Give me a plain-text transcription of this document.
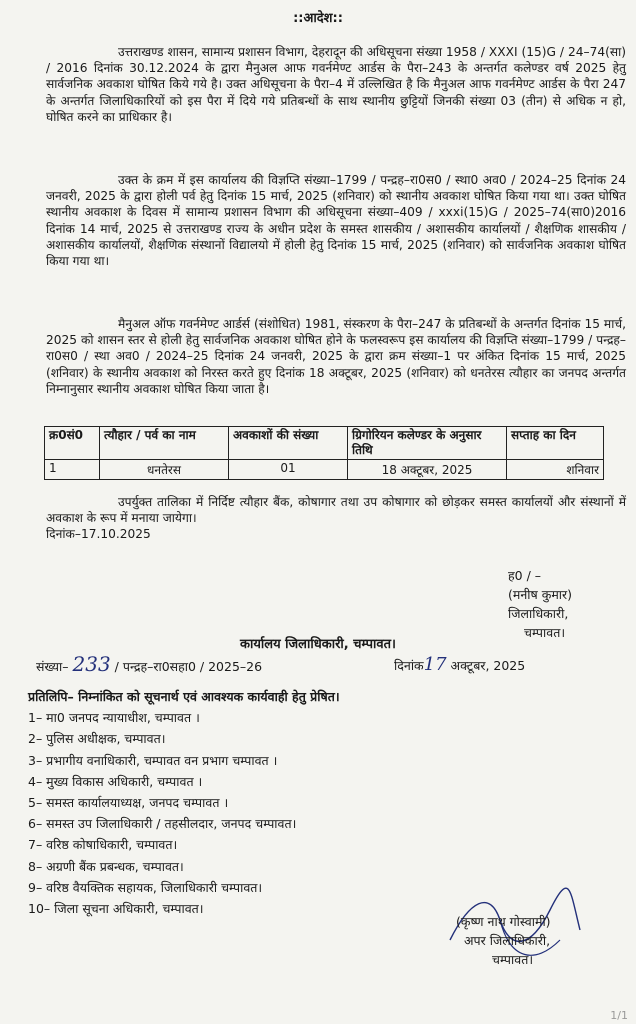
::आदेश::

उत्तराखण्ड शासन, सामान्य प्रशासन विभाग, देहरादून की अधिसूचना संख्या 1958 / XXXI (15)G / 24–74(सा) / 2016 दिनांक 30.12.2024 के द्वारा मैनुअल आफ गवर्नमेण्ट आर्डस के पैरा–243 के अन्तर्गत कलेण्डर वर्ष 2025 हेतु सार्वजनिक अवकाश घोषित किये गये है। उक्त अधिसूचना के पैरा–4 में उल्लिखित है कि मैनुअल आफ गवर्नमेण्ट आर्डस के पैरा 247 के अन्तर्गत जिलाधिकारियों को इस पैरा में दिये गये प्रतिबन्धों के साथ स्थानीय छुट्टियों जिनकी संख्या 03 (तीन) से अधिक न हो, घोषित करने का प्राधिकार है।

उक्त के क्रम में इस कार्यालय की विज्ञप्ति संख्या–1799 / पन्द्रह–रा0स0 / स्था0 अव0 / 2024–25 दिनांक 24 जनवरी, 2025 के द्वारा होली पर्व हेतु दिनांक 15 मार्च, 2025 (शनिवार) को स्थानीय अवकाश घोषित किया गया था। उक्त घोषित स्थानीय अवकाश के दिवस में सामान्य प्रशासन विभाग की अधिसूचना संख्या–409 / xxxi(15)G / 2025–74(सा0)2016 दिनांक 14 मार्च, 2025 से उत्तराखण्ड राज्य के अधीन प्रदेश के समस्त शासकीय / अशासकीय कार्यालयों / शैक्षणिक शासकीय / अशासकीय कार्यालयों, शैक्षणिक संस्थानों विद्यालयो में होली हेतु दिनांक 15 मार्च, 2025 (शनिवार) को सार्वजनिक अवकाश घोषित किया गया था।

मैनुअल ऑफ गवर्नमेण्ट आर्डर्स (संशोधित) 1981, संस्करण के पैरा–247 के प्रतिबन्धों के अन्तर्गत दिनांक 15 मार्च, 2025 को शासन स्तर से होली हेतु सार्वजनिक अवकाश घोषित होने के फलस्वरूप इस कार्यालय की विज्ञप्ति संख्या–1799 / पन्द्रह–रा0स0 / स्था अव0 / 2024–25 दिनांक 24 जनवरी, 2025 के द्वारा क्रम संख्या–1 पर अंकित दिनांक 15 मार्च, 2025 (शनिवार) के स्थानीय अवकाश को निरस्त करते हुए दिनांक 18 अक्टूबर, 2025 (शनिवार) को धनतेरस त्यौहार का जनपद अन्तर्गत निम्नानुसार स्थानीय अवकाश घोषित किया जाता है।

क्र0सं0	त्यौहार / पर्व का नाम	अवकाशों की संख्या	ग्रिगोरियन कलेण्डर के अनुसार तिथि	सप्ताह का दिन
1	धनतेरस	01	18 अक्टूबर, 2025	शनिवार

उपर्युक्त तालिका में निर्दिष्ट त्यौहार बैंक, कोषागार तथा उप कोषागार को छोड़कर समस्त कार्यालयों और संस्थानों में अवकाश के रूप में मनाया जायेगा।

दिनांक–17.10.2025

ह0 / –
(मनीष कुमार)
जिलाधिकारी,
चम्पावत।
कार्यालय जिलाधिकारी, चम्पावत।
संख्या– 233 / पन्द्रह–रा0सहा0 / 2025–26	दिनांक17 अक्टूबर, 2025
प्रतिलिपि– निम्नांकित को सूचनार्थ एवं आवश्यक कार्यवाही हेतु प्रेषित।
1– मा0 जनपद न्यायाधीश, चम्पावत ।
2– पुलिस अधीक्षक, चम्पावत।
3– प्रभागीय वनाधिकारी, चम्पावत वन प्रभाग चम्पावत ।
4– मुख्य विकास अधिकारी, चम्पावत ।
5– समस्त कार्यालयाध्यक्ष, जनपद चम्पावत ।
6– समस्त उप जिलाधिकारी / तहसीलदार, जनपद चम्पावत।
7– वरिष्ठ कोषाधिकारी, चम्पावत।
8– अग्रणी बैंक प्रबन्धक, चम्पावत।
9– वरिष्ठ वैयक्तिक सहायक, जिलाधिकारी चम्पावत।
10– जिला सूचना अधिकारी, चम्पावत।
(कृष्ण नाथ गोस्वामी)
अपर जिलाधिकारी,
चम्पावत।
1/1
